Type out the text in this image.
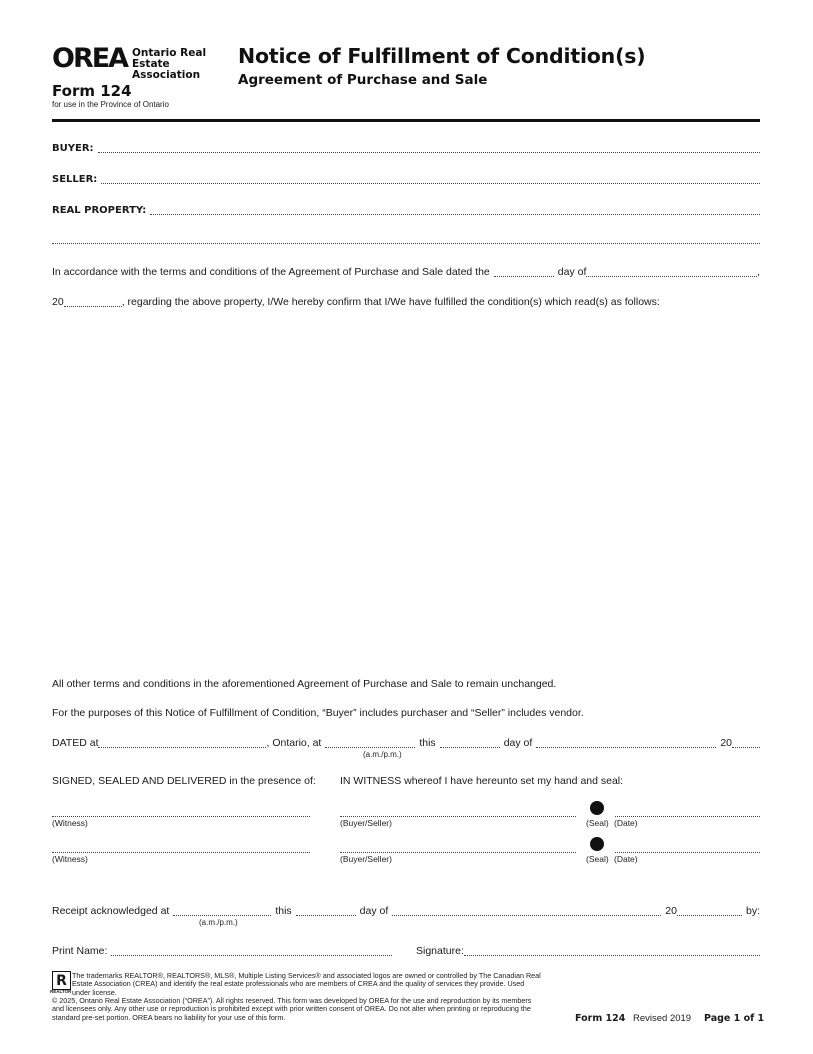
OREA Ontario Real Estate
Association
Form 124
for use in the Province of Ontario
Notice of Fulfillment of Condition(s)
Agreement of Purchase and Sale
BUYER:
SELLER:
REAL PROPERTY:
In accordance with the terms and conditions of the Agreement of Purchase and Sale dated the	day of	,
20	, regarding the above property, I/We hereby confirm that I/We have fulfilled the condition(s) which read(s) as follows:
All other terms and conditions in the aforementioned Agreement of Purchase and Sale to remain unchanged.
For the purposes of this Notice of Fulfillment of Condition, “Buyer” includes purchaser and “Seller” includes vendor.
DATED at	, Ontario, at	this	day of	20
(a.m./p.m.)
SIGNED, SEALED AND DELIVERED in the presence of: IN WITNESS whereof I have hereunto set my hand and seal:
(Witness)	(Buyer/Seller)	(Seal) (Date)
(Witness)	(Buyer/Seller)	(Seal) (Date)
Receipt acknowledged at	this	day of	20	by:
(a.m./p.m.)
Print Name:	Signature:
R
REALTOR
The trademarks REALTOR®, REALTORS®, MLS®, Multiple Listing Services® and associated logos are owned or controlled by The Canadian Real Estate Association (CREA) and identify the real estate professionals who are members of CREA and the quality of services they provide. Used under license.
© 2025, Ontario Real Estate Association (“OREA”). All rights reserved. This form was developed by OREA for the use and reproduction by its members and licensees only. Any other use or reproduction is prohibited except with prior written consent of OREA. Do not alter when printing or reproducing the standard pre-set portion. OREA bears no liability for your use of this form.	Form 124 Revised 2019 Page 1 of 1
